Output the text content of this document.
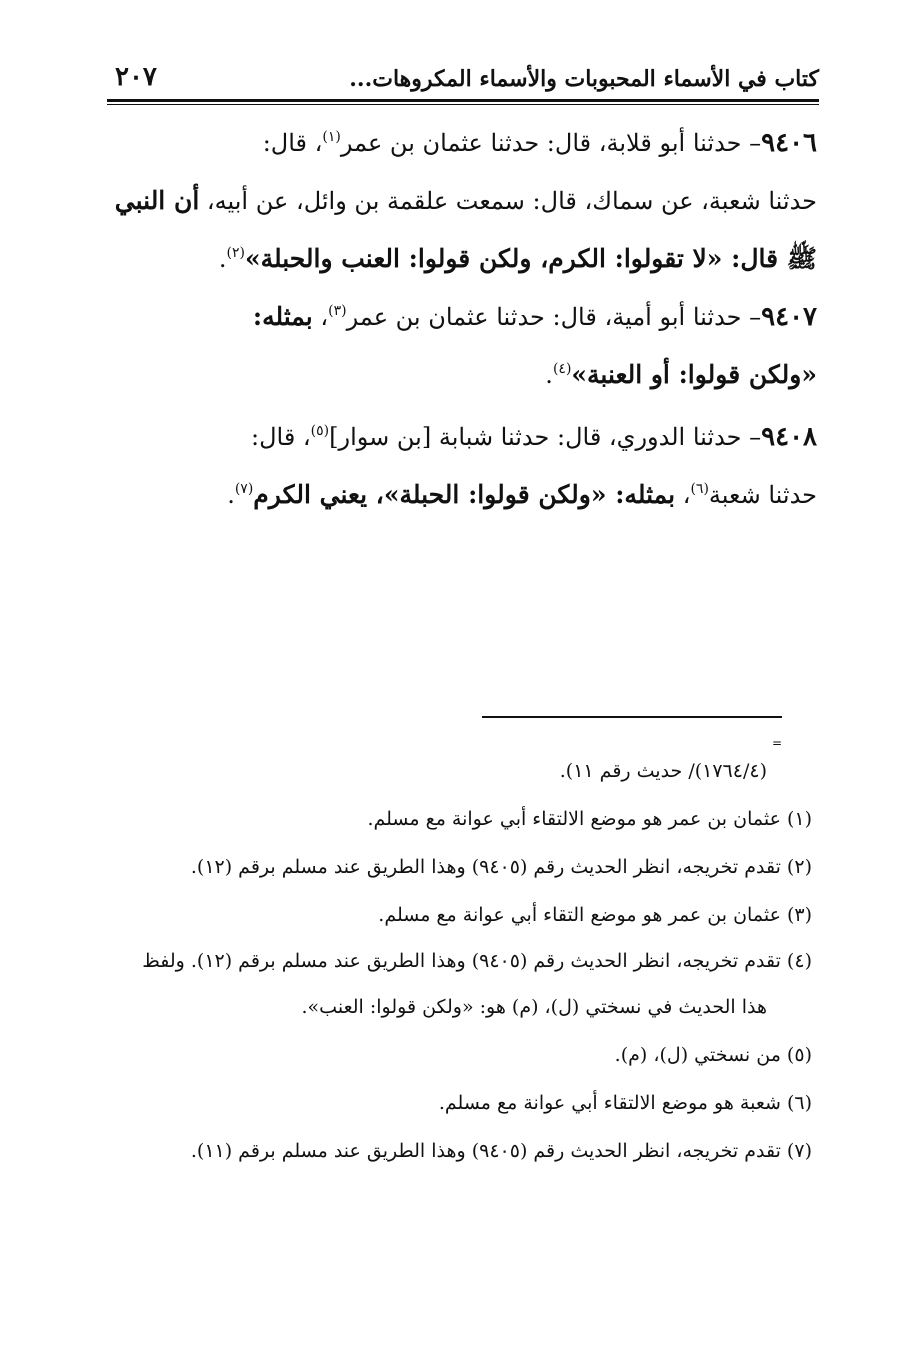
كتاب في الأسماء المحبوبات والأسماء المكروهات...
٢٠٧
٩٤٠٦– حدثنا أبو قلابة، قال: حدثنا عثمان بن عمر$^{(١)}$، قال:
حدثنا شعبة، عن سماك، قال: سمعت علقمة بن وائل، عن أبيه، أن النبي
ﷺ قال: «لا تقولوا: الكرم، ولكن قولوا: العنب والحبلة»$^{(٢)}$.
٩٤٠٧– حدثنا أبو أمية، قال: حدثنا عثمان بن عمر$^{(٣)}$، بمثله:
«ولكن قولوا: أو العنبة»$^{(٤)}$.
٩٤٠٨– حدثنا الدوري، قال: حدثنا شبابة [بن سوار]$^{(٥)}$، قال:
حدثنا شعبة$^{(٦)}$، بمثله: «ولكن قولوا: الحبلة»، يعني الكرم$^{(٧)}$.
=
(١٧٦٤/٤)/ حديث رقم ١١).
(١) عثمان بن عمر هو موضع الالتقاء أبي عوانة مع مسلم.
(٢) تقدم تخريجه، انظر الحديث رقم (٩٤٠٥) وهذا الطريق عند مسلم برقم (١٢).
(٣) عثمان بن عمر هو موضع التقاء أبي عوانة مع مسلم.
(٤) تقدم تخريجه، انظر الحديث رقم (٩٤٠٥) وهذا الطريق عند مسلم برقم (١٢). ولفظ
هذا الحديث في نسختي (ل)، (م) هو: «ولكن قولوا: العنب».
(٥) من نسختي (ل)، (م).
(٦) شعبة هو موضع الالتقاء أبي عوانة مع مسلم.
(٧) تقدم تخريجه، انظر الحديث رقم (٩٤٠٥) وهذا الطريق عند مسلم برقم (١١).
